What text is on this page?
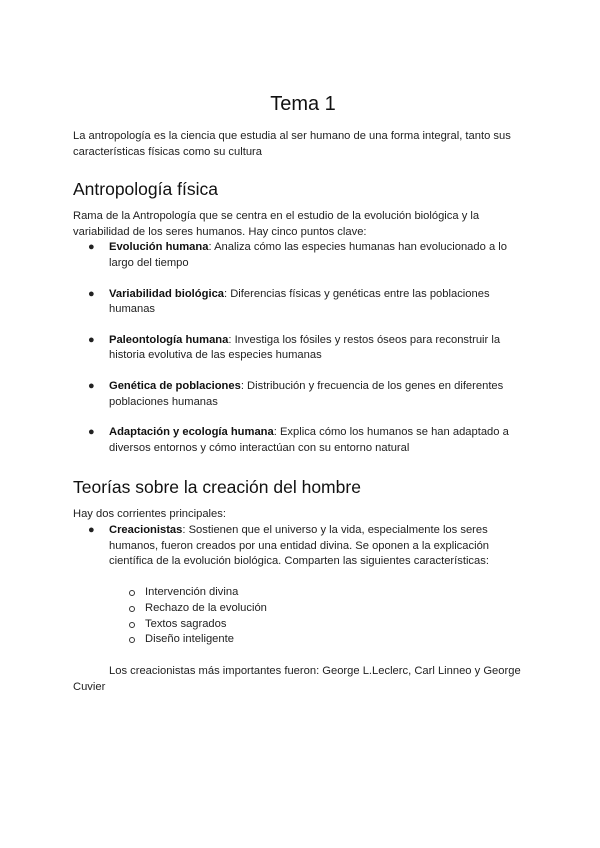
Tema 1

La antropología es la ciencia que estudia al ser humano de una forma integral, tanto sus características físicas como su cultura

Antropología física

Rama de la Antropología que se centra en el estudio de la evolución biológica y la variabilidad de los seres humanos. Hay cinco puntos clave:

● Evolución humana: Analiza cómo las especies humanas han evolucionado a lo largo del tiempo
● Variabilidad biológica: Diferencias físicas y genéticas entre las poblaciones humanas
● Paleontología humana: Investiga los fósiles y restos óseos para reconstruir la historia evolutiva de las especies humanas
● Genética de poblaciones: Distribución y frecuencia de los genes en diferentes poblaciones humanas
● Adaptación y ecología humana: Explica cómo los humanos se han adaptado a diversos entornos y cómo interactúan con su entorno natural
Teorías sobre la creación del hombre

Hay dos corrientes principales:

● Creacionistas: Sostienen que el universo y la vida, especialmente los seres humanos, fueron creados por una entidad divina. Se oponen a la explicación científica de la evolución biológica. Comparten las siguientes características:
Intervención divina
Rechazo de la evolución
Textos sagrados
Diseño inteligente

Los creacionistas más importantes fueron: George L.Leclerc, Carl Linneo y George Cuvier
